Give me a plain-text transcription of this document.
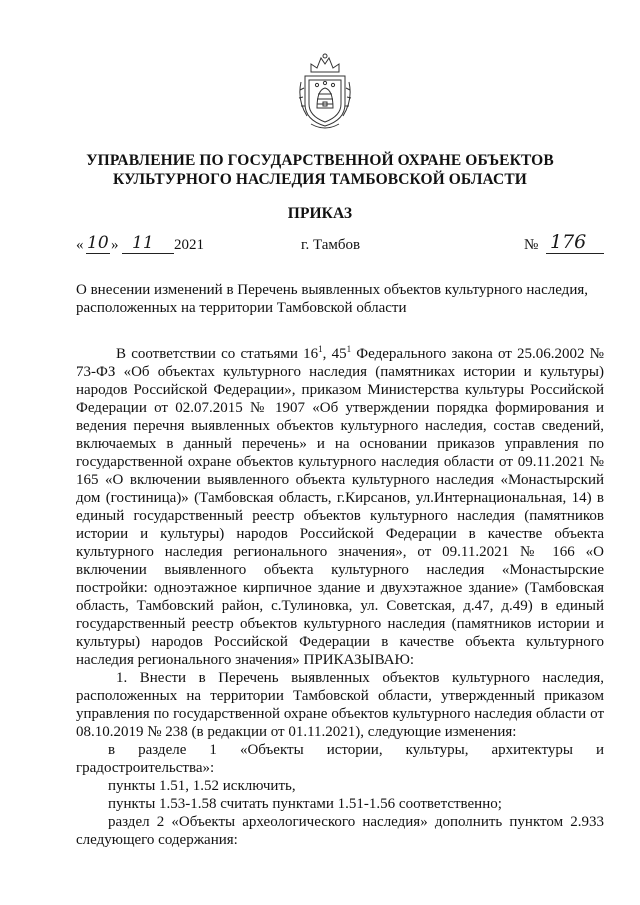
УПРАВЛЕНИЕ ПО ГОСУДАРСТВЕННОЙ ОХРАНЕ ОБЪЕКТОВ
КУЛЬТУРНОГО НАСЛЕДИЯ ТАМБОВСКОЙ ОБЛАСТИ
ПРИКАЗ
« 10 » 11 2021	г. Тамбов	№ 176
О внесении изменений в Перечень выявленных объектов культурного наследия,
расположенных на территории Тамбовской области

В соответствии со статьями $16^1$, $45^1$ Федерального закона от 25.06.2002 № 73-ФЗ «Об объектах культурного наследия (памятниках истории и культуры) народов Российской Федерации», приказом Министерства культуры Российской Федерации от 02.07.2015 № 1907 «Об утверждении порядка формирования и ведения перечня выявленных объектов культурного наследия, состав сведений, включаемых в данный перечень» и на основании приказов управления по государственной охране объектов культурного наследия области от 09.11.2021 № 165 «О включении выявленного объекта культурного наследия «Монастырский дом (гостиница)» (Тамбовская область, г.Кирсанов, ул.Интернациональная, 14) в единый государственный реестр объектов культурного наследия (памятников истории и культуры) народов Российской Федерации в качестве объекта культурного наследия регионального значения», от 09.11.2021 № 166 «О включении выявленного объекта культурного наследия «Монастырские постройки: одноэтажное кирпичное здание и двухэтажное здание» (Тамбовская область, Тамбовский район, с.Тулиновка, ул. Советская, д.47, д.49) в единый государственный реестр объектов культурного наследия (памятников истории и культуры) народов Российской Федерации в качестве объекта культурного наследия регионального значения» ПРИКАЗЫВАЮ:

1. Внести в Перечень выявленных объектов культурного наследия, расположенных на территории Тамбовской области, утвержденный приказом управления по государственной охране объектов культурного наследия области от 08.10.2019 № 238 (в редакции от 01.11.2021), следующие изменения:

в разделе 1 «Объекты истории, культуры, архитектуры и

градостроительства»:

пункты 1.51, 1.52 исключить,

пункты 1.53-1.58 считать пунктами 1.51-1.56 соответственно;

раздел 2 «Объекты археологического наследия» дополнить пунктом 2.933 следующего содержания:
